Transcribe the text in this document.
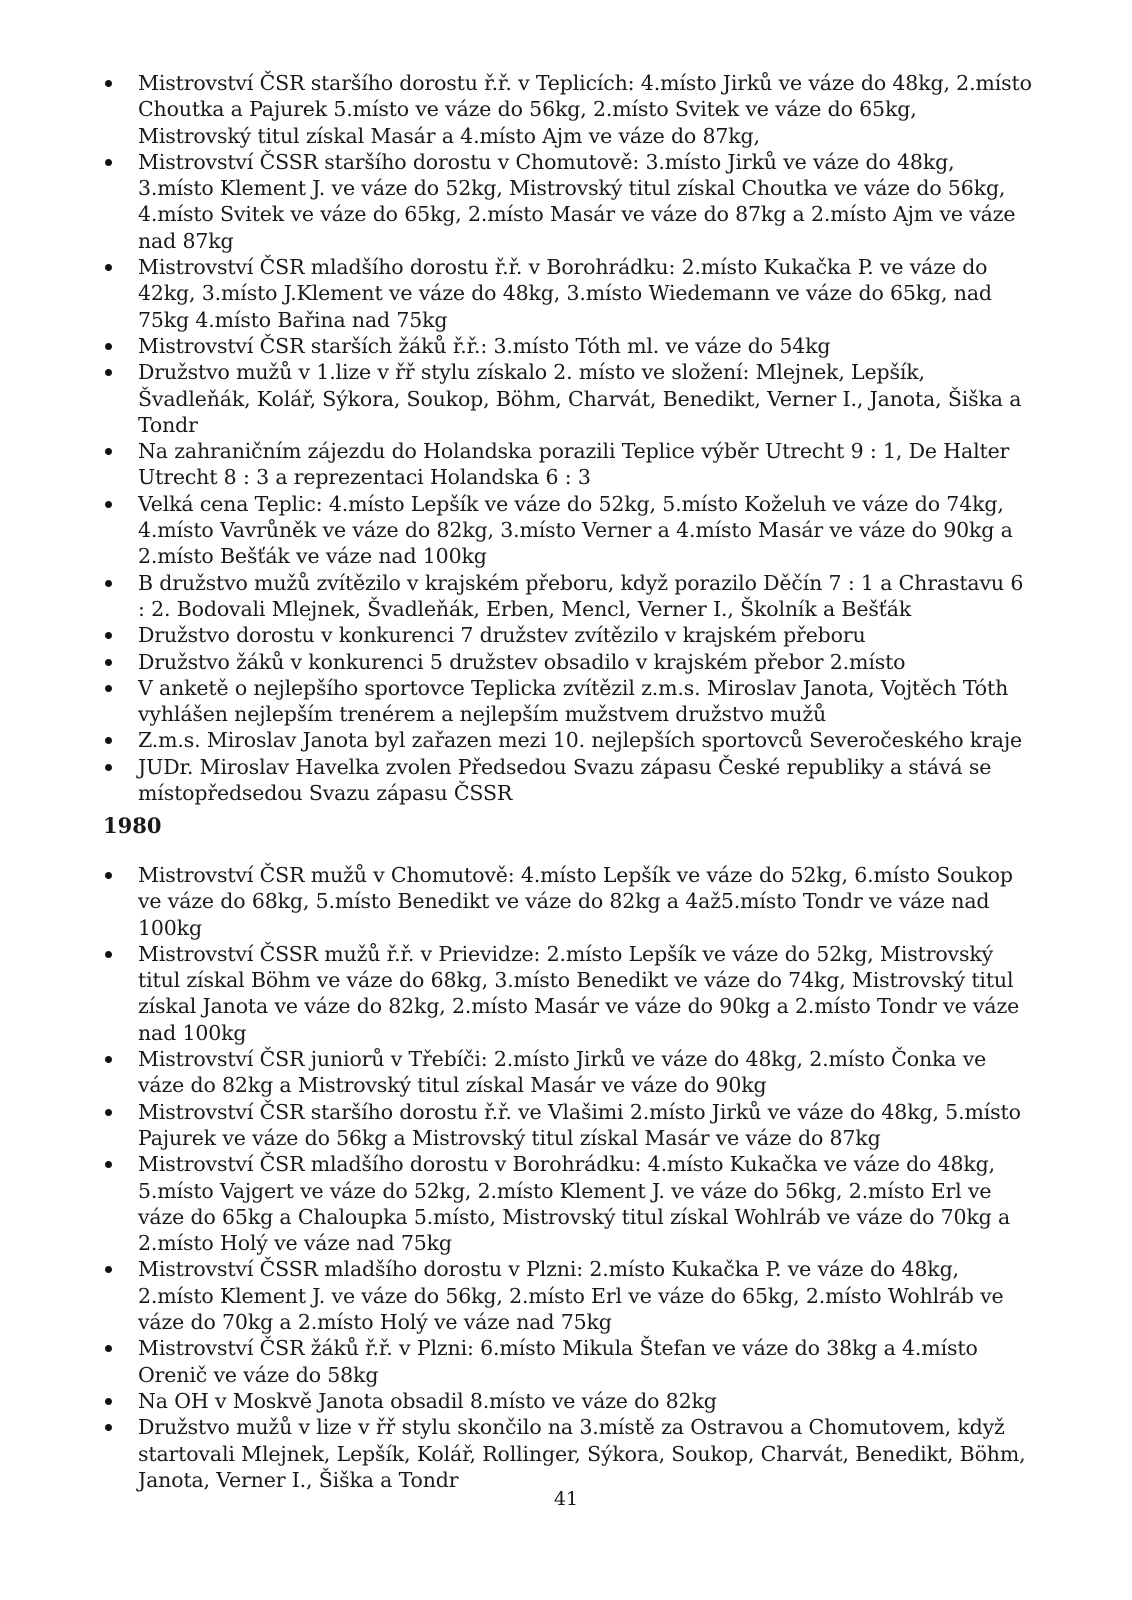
Mistrovství ČSR staršího dorostu ř.ř. v Teplicích: 4.místo Jirků ve váze do 48kg, 2.místo Choutka a Pajurek 5.místo ve váze do 56kg, 2.místo Svitek ve váze do 65kg, Mistrovský titul získal Masár a 4.místo Ajm ve váze do 87kg,
Mistrovství ČSSR staršího dorostu v Chomutově: 3.místo Jirků ve váze do 48kg, 3.místo Klement J. ve váze do 52kg, Mistrovský titul získal Choutka ve váze do 56kg, 4.místo Svitek ve váze do 65kg, 2.místo Masár ve váze do 87kg a 2.místo Ajm ve váze nad 87kg
Mistrovství ČSR mladšího dorostu ř.ř. v Borohrádku: 2.místo Kukačka P. ve váze do 42kg, 3.místo J.Klement ve váze do 48kg, 3.místo Wiedemann ve váze do 65kg, nad 75kg 4.místo Bařina nad 75kg
Mistrovství ČSR starších žáků ř.ř.: 3.místo Tóth ml. ve váze do 54kg
Družstvo mužů v 1.lize v řř stylu získalo 2. místo ve složení: Mlejnek, Lepšík, Švadleňák, Kolář, Sýkora, Soukop, Böhm, Charvát, Benedikt, Verner I., Janota, Šiška a Tondr
Na zahraničním zájezdu do Holandska porazili Teplice výběr Utrecht 9 : 1, De Halter Utrecht 8 : 3 a reprezentaci Holandska 6 : 3
Velká cena Teplic: 4.místo Lepšík ve váze do 52kg, 5.místo Koželuh ve váze do 74kg, 4.místo Vavrůněk ve váze do 82kg, 3.místo Verner a 4.místo Masár ve váze do 90kg a 2.místo Bešťák ve váze nad 100kg
B družstvo mužů zvítězilo v krajském přeboru, když porazilo Děčín 7 : 1 a Chrastavu 6 : 2. Bodovali Mlejnek, Švadleňák, Erben, Mencl, Verner I., Školník a Bešťák
Družstvo dorostu v konkurenci 7 družstev zvítězilo v krajském přeboru
Družstvo žáků v konkurenci 5 družstev obsadilo v krajském přebor 2.místo
V anketě o nejlepšího sportovce Teplicka zvítězil z.m.s. Miroslav Janota, Vojtěch Tóth vyhlášen nejlepším trenérem a nejlepším mužstvem družstvo mužů
Z.m.s. Miroslav Janota byl zařazen mezi 10. nejlepších sportovců Severočeského kraje
JUDr. Miroslav Havelka zvolen Předsedou Svazu zápasu České republiky a stává se místopředsedou Svazu zápasu ČSSR
1980
Mistrovství ČSR mužů v Chomutově: 4.místo Lepšík ve váze do 52kg, 6.místo Soukop ve váze do 68kg, 5.místo Benedikt ve váze do 82kg a 4až5.místo Tondr ve váze nad 100kg
Mistrovství ČSSR mužů ř.ř. v Prievidze: 2.místo Lepšík ve váze do 52kg, Mistrovský titul získal Böhm ve váze do 68kg, 3.místo Benedikt ve váze do 74kg, Mistrovský titul získal Janota ve váze do 82kg, 2.místo Masár ve váze do 90kg a 2.místo Tondr ve váze nad 100kg
Mistrovství ČSR juniorů v Třebíči: 2.místo Jirků ve váze do 48kg, 2.místo Čonka ve váze do 82kg a Mistrovský titul získal Masár ve váze do 90kg
Mistrovství ČSR staršího dorostu ř.ř. ve Vlašimi 2.místo Jirků ve váze do 48kg, 5.místo Pajurek ve váze do 56kg a Mistrovský titul získal Masár ve váze do 87kg
Mistrovství ČSR mladšího dorostu v Borohrádku: 4.místo Kukačka ve váze do 48kg, 5.místo Vajgert ve váze do 52kg, 2.místo Klement J. ve váze do 56kg, 2.místo Erl ve váze do 65kg a Chaloupka 5.místo, Mistrovský titul získal Wohlráb ve váze do 70kg a 2.místo Holý ve váze nad 75kg
Mistrovství ČSSR mladšího dorostu v Plzni: 2.místo Kukačka P. ve váze do 48kg, 2.místo Klement J. ve váze do 56kg, 2.místo Erl ve váze do 65kg, 2.místo Wohlráb ve váze do 70kg a 2.místo Holý ve váze nad 75kg
Mistrovství ČSR žáků ř.ř. v Plzni: 6.místo Mikula Štefan ve váze do 38kg a 4.místo Orenič ve váze do 58kg
Na OH v Moskvě Janota obsadil 8.místo ve váze do 82kg
Družstvo mužů v lize v řř stylu skončilo na 3.místě za Ostravou a Chomutovem, když startovali Mlejnek, Lepšík, Kolář, Rollinger, Sýkora, Soukop, Charvát, Benedikt, Böhm, Janota, Verner I., Šiška a Tondr
41
